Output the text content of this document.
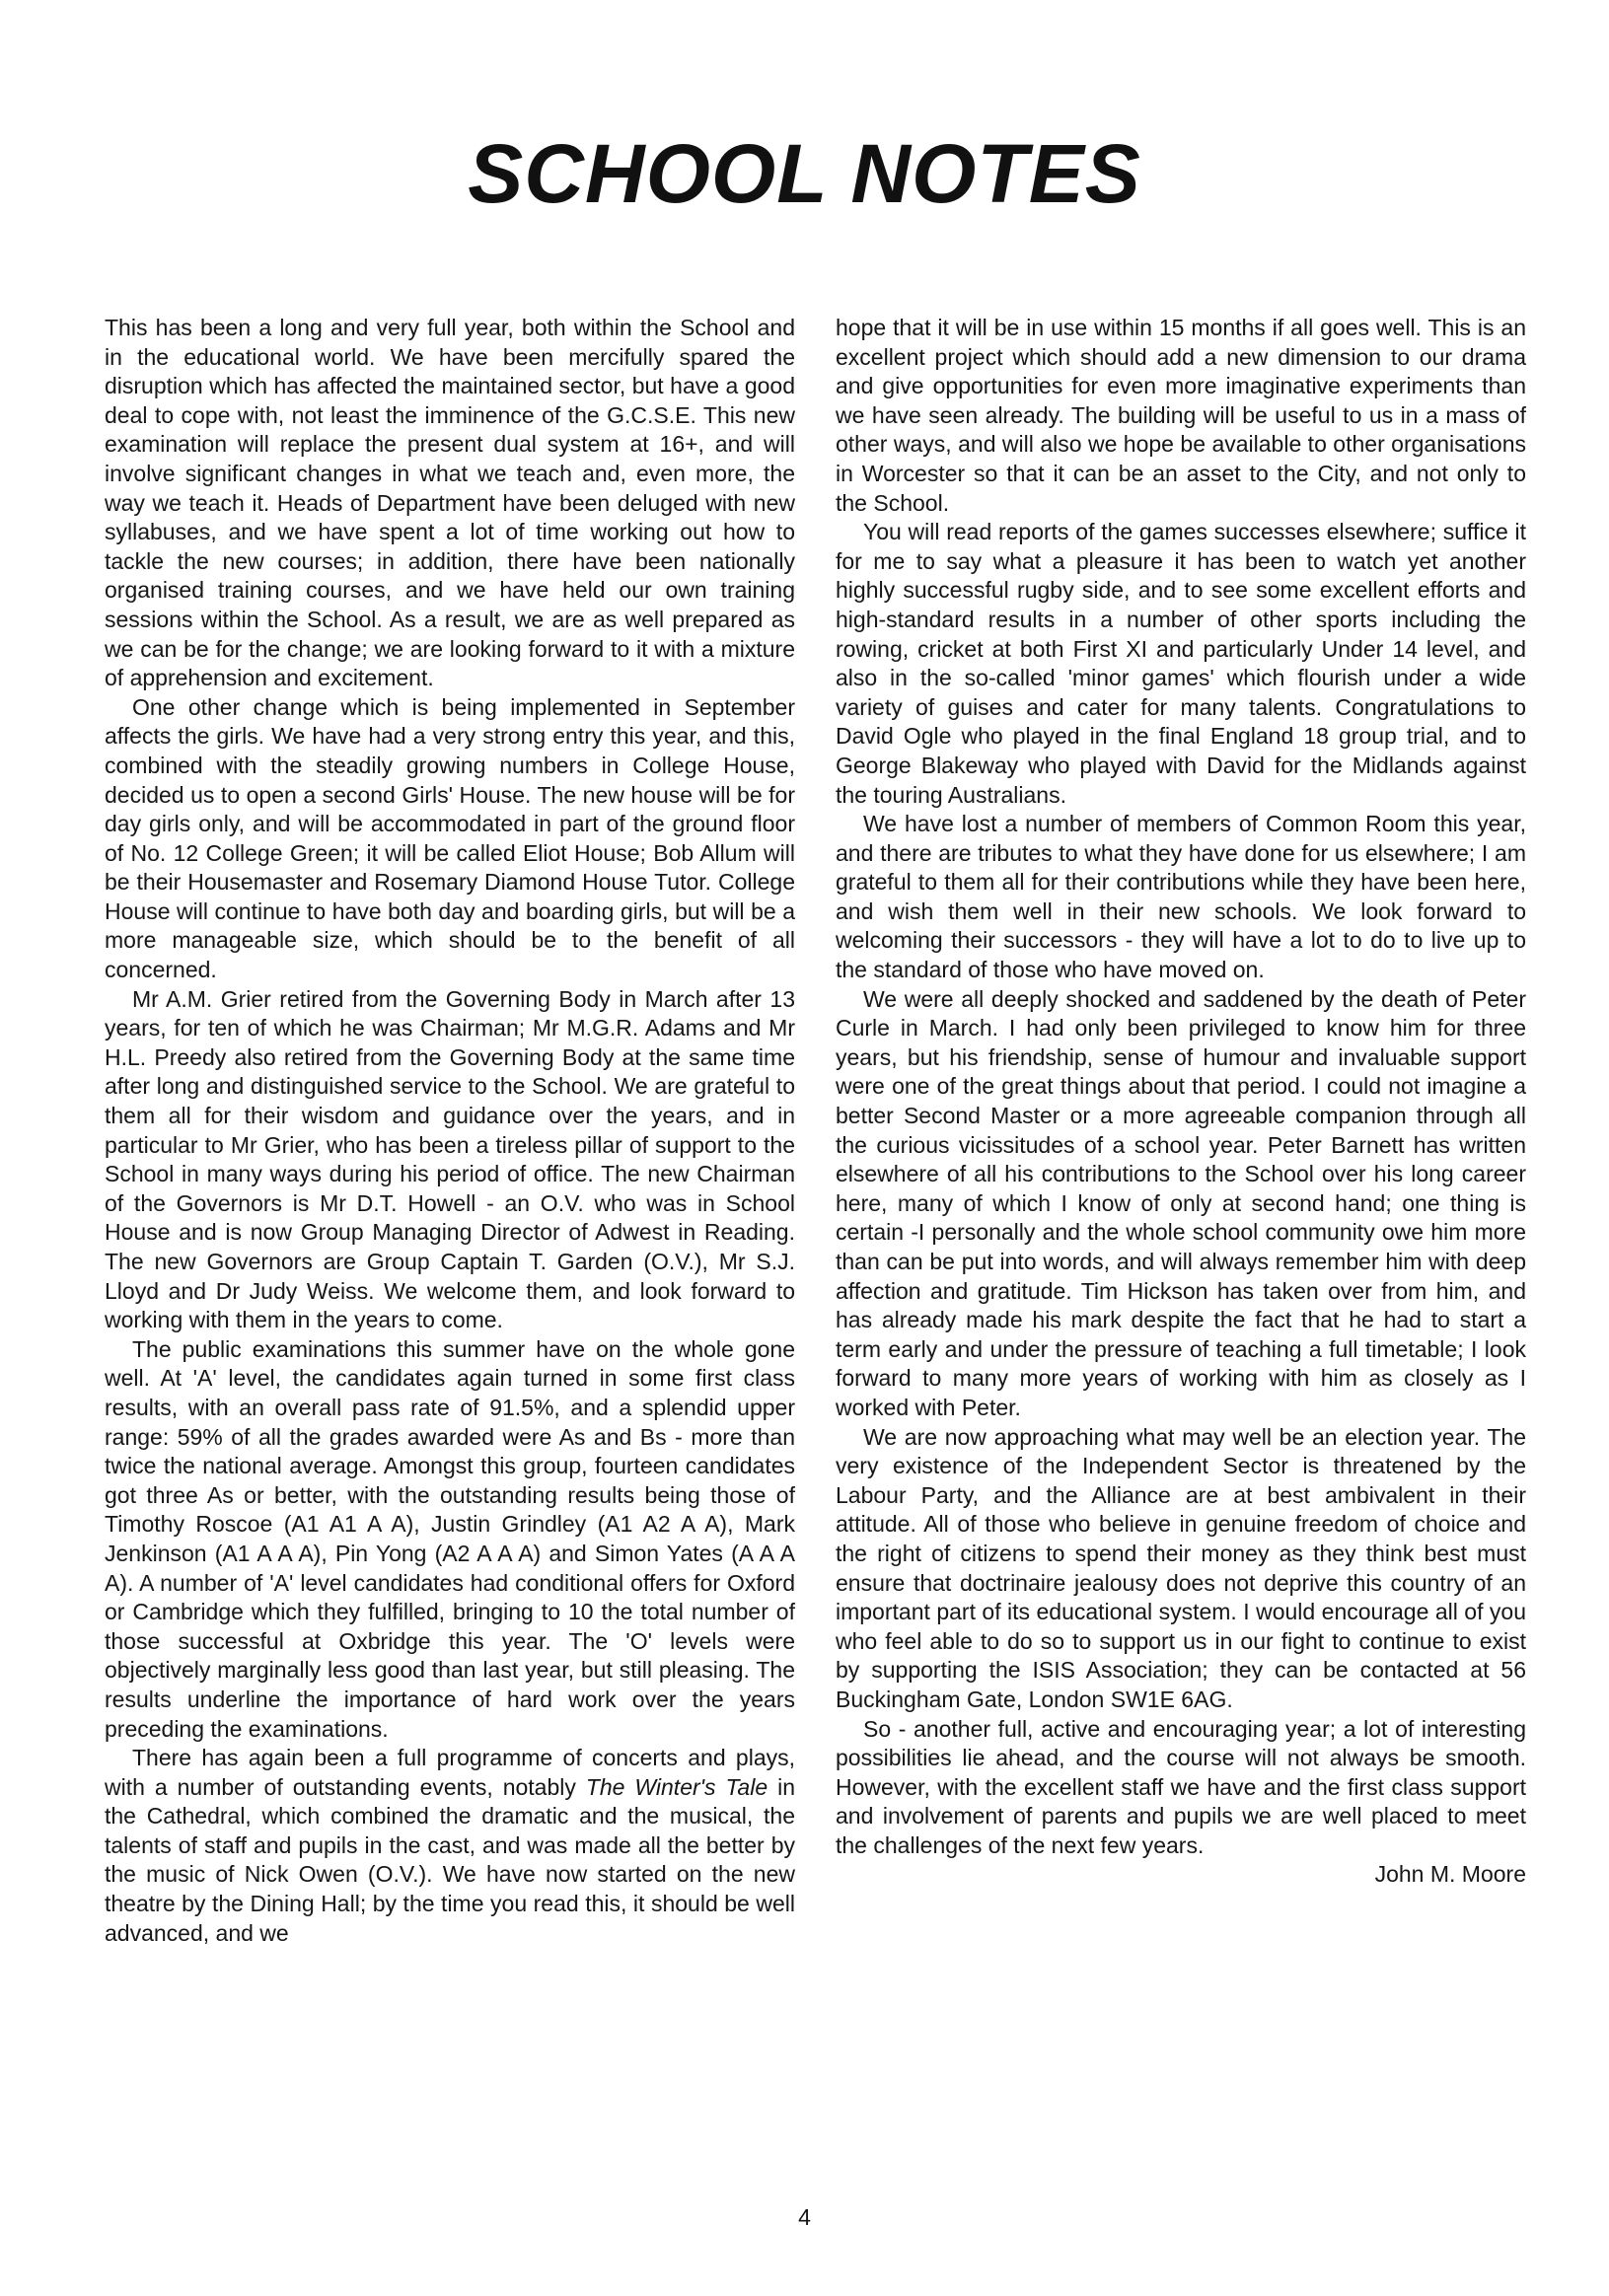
SCHOOL NOTES

This has been a long and very full year, both within the School and in the educational world. We have been mercifully spared the disruption which has affected the maintained sector, but have a good deal to cope with, not least the imminence of the G.C.S.E. This new examination will replace the present dual system at 16+, and will involve significant changes in what we teach and, even more, the way we teach it. Heads of Department have been deluged with new syllabuses, and we have spent a lot of time working out how to tackle the new courses; in addition, there have been nationally organised training courses, and we have held our own training sessions within the School. As a result, we are as well prepared as we can be for the change; we are looking forward to it with a mixture of apprehension and excitement.

One other change which is being implemented in September affects the girls. We have had a very strong entry this year, and this, combined with the steadily growing numbers in College House, decided us to open a second Girls' House. The new house will be for day girls only, and will be accommodated in part of the ground floor of No. 12 College Green; it will be called Eliot House; Bob Allum will be their Housemaster and Rosemary Diamond House Tutor. College House will continue to have both day and boarding girls, but will be a more manageable size, which should be to the benefit of all concerned.

Mr A.M. Grier retired from the Governing Body in March after 13 years, for ten of which he was Chairman; Mr M.G.R. Adams and Mr H.L. Preedy also retired from the Governing Body at the same time after long and distinguished service to the School. We are grateful to them all for their wisdom and guidance over the years, and in particular to Mr Grier, who has been a tireless pillar of support to the School in many ways during his period of office. The new Chairman of the Governors is Mr D.T. Howell - an O.V. who was in School House and is now Group Managing Director of Adwest in Reading. The new Governors are Group Captain T. Garden (O.V.), Mr S.J. Lloyd and Dr Judy Weiss. We welcome them, and look forward to working with them in the years to come.

The public examinations this summer have on the whole gone well. At 'A' level, the candidates again turned in some first class results, with an overall pass rate of 91.5%, and a splendid upper range: 59% of all the grades awarded were As and Bs - more than twice the national average. Amongst this group, fourteen candidates got three As or better, with the outstanding results being those of Timothy Roscoe (A1 A1 A A), Justin Grindley (A1 A2 A A), Mark Jenkinson (A1 A A A), Pin Yong (A2 A A A) and Simon Yates (A A A A). A number of 'A' level candidates had conditional offers for Oxford or Cambridge which they fulfilled, bringing to 10 the total number of those successful at Oxbridge this year. The 'O' levels were objectively marginally less good than last year, but still pleasing. The results underline the importance of hard work over the years preceding the examinations.

There has again been a full programme of concerts and plays, with a number of outstanding events, notably The Winter's Tale in the Cathedral, which combined the dramatic and the musical, the talents of staff and pupils in the cast, and was made all the better by the music of Nick Owen (O.V.). We have now started on the new theatre by the Dining Hall; by the time you read this, it should be well advanced, and we

hope that it will be in use within 15 months if all goes well. This is an excellent project which should add a new dimension to our drama and give opportunities for even more imaginative experiments than we have seen already. The building will be useful to us in a mass of other ways, and will also we hope be available to other organisations in Worcester so that it can be an asset to the City, and not only to the School.

You will read reports of the games successes elsewhere; suffice it for me to say what a pleasure it has been to watch yet another highly successful rugby side, and to see some excellent efforts and high-standard results in a number of other sports including the rowing, cricket at both First XI and particularly Under 14 level, and also in the so-called 'minor games' which flourish under a wide variety of guises and cater for many talents. Congratulations to David Ogle who played in the final England 18 group trial, and to George Blakeway who played with David for the Midlands against the touring Australians.

We have lost a number of members of Common Room this year, and there are tributes to what they have done for us elsewhere; I am grateful to them all for their contributions while they have been here, and wish them well in their new schools. We look forward to welcoming their successors - they will have a lot to do to live up to the standard of those who have moved on.

We were all deeply shocked and saddened by the death of Peter Curle in March. I had only been privileged to know him for three years, but his friendship, sense of humour and invaluable support were one of the great things about that period. I could not imagine a better Second Master or a more agreeable companion through all the curious vicissitudes of a school year. Peter Barnett has written elsewhere of all his contributions to the School over his long career here, many of which I know of only at second hand; one thing is certain -I personally and the whole school community owe him more than can be put into words, and will always remember him with deep affection and gratitude. Tim Hickson has taken over from him, and has already made his mark despite the fact that he had to start a term early and under the pressure of teaching a full timetable; I look forward to many more years of working with him as closely as I worked with Peter.

We are now approaching what may well be an election year. The very existence of the Independent Sector is threatened by the Labour Party, and the Alliance are at best ambivalent in their attitude. All of those who believe in genuine freedom of choice and the right of citizens to spend their money as they think best must ensure that doctrinaire jealousy does not deprive this country of an important part of its educational system. I would encourage all of you who feel able to do so to support us in our fight to continue to exist by supporting the ISIS Association; they can be contacted at 56 Buckingham Gate, London SW1E 6AG.

So - another full, active and encouraging year; a lot of interesting possibilities lie ahead, and the course will not always be smooth. However, with the excellent staff we have and the first class support and involvement of parents and pupils we are well placed to meet the challenges of the next few years.

John M. Moore

4
